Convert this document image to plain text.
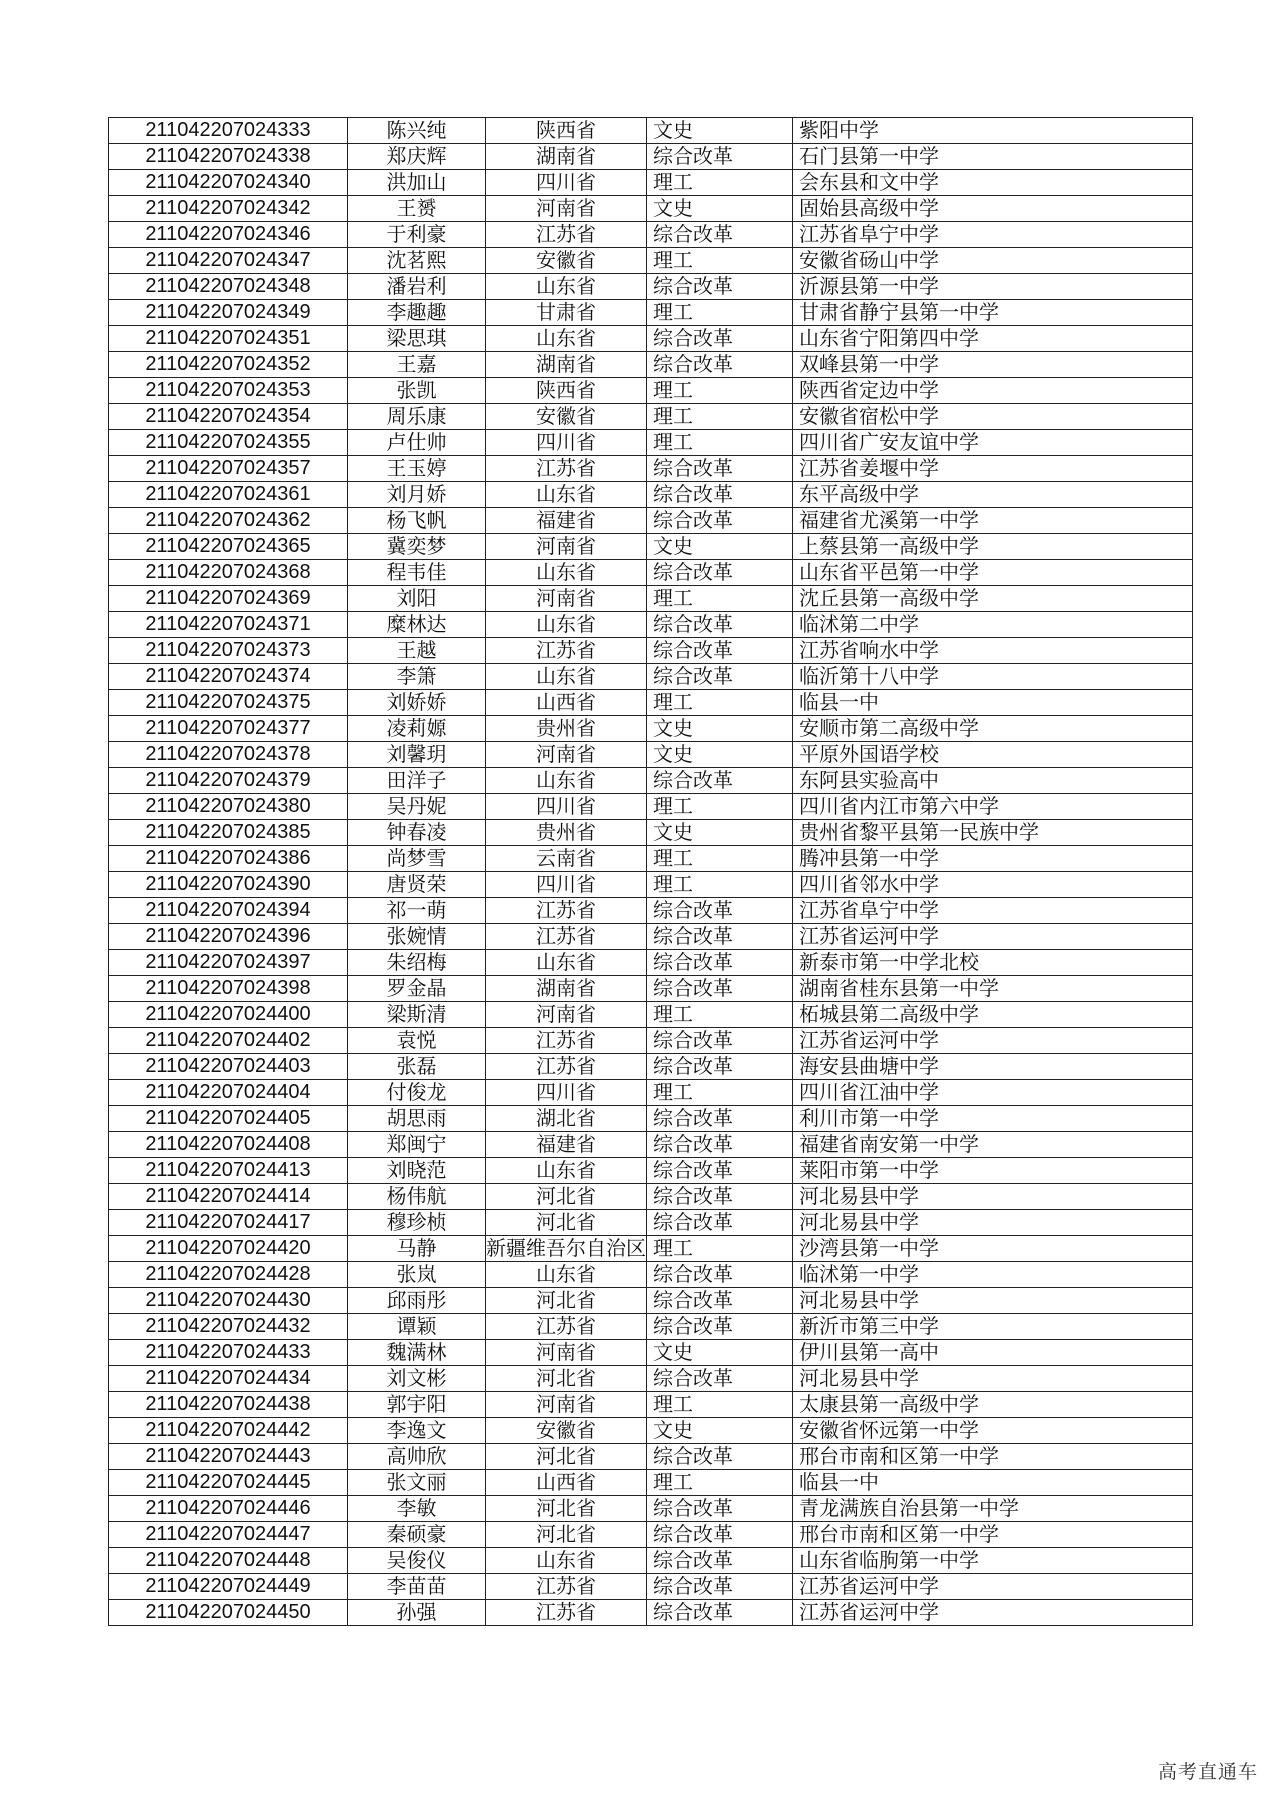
211042207024333	陈兴纯	陕西省	文史	紫阳中学
211042207024338	郑庆辉	湖南省	综合改革	石门县第一中学
211042207024340	洪加山	四川省	理工	会东县和文中学
211042207024342	王赟	河南省	文史	固始县高级中学
211042207024346	于利豪	江苏省	综合改革	江苏省阜宁中学
211042207024347	沈茗熙	安徽省	理工	安徽省砀山中学
211042207024348	潘岩利	山东省	综合改革	沂源县第一中学
211042207024349	李趣趣	甘肃省	理工	甘肃省静宁县第一中学
211042207024351	梁思琪	山东省	综合改革	山东省宁阳第四中学
211042207024352	王嘉	湖南省	综合改革	双峰县第一中学
211042207024353	张凯	陕西省	理工	陕西省定边中学
211042207024354	周乐康	安徽省	理工	安徽省宿松中学
211042207024355	卢仕帅	四川省	理工	四川省广安友谊中学
211042207024357	王玉婷	江苏省	综合改革	江苏省姜堰中学
211042207024361	刘月娇	山东省	综合改革	东平高级中学
211042207024362	杨飞帆	福建省	综合改革	福建省尤溪第一中学
211042207024365	冀奕梦	河南省	文史	上蔡县第一高级中学
211042207024368	程韦佳	山东省	综合改革	山东省平邑第一中学
211042207024369	刘阳	河南省	理工	沈丘县第一高级中学
211042207024371	糜林达	山东省	综合改革	临沭第二中学
211042207024373	王越	江苏省	综合改革	江苏省响水中学
211042207024374	李箫	山东省	综合改革	临沂第十八中学
211042207024375	刘娇娇	山西省	理工	临县一中
211042207024377	凌莉嫄	贵州省	文史	安顺市第二高级中学
211042207024378	刘馨玥	河南省	文史	平原外国语学校
211042207024379	田洋子	山东省	综合改革	东阿县实验高中
211042207024380	吴丹妮	四川省	理工	四川省内江市第六中学
211042207024385	钟春凌	贵州省	文史	贵州省黎平县第一民族中学
211042207024386	尚梦雪	云南省	理工	腾冲县第一中学
211042207024390	唐贤荣	四川省	理工	四川省邻水中学
211042207024394	祁一萌	江苏省	综合改革	江苏省阜宁中学
211042207024396	张婉情	江苏省	综合改革	江苏省运河中学
211042207024397	朱绍梅	山东省	综合改革	新泰市第一中学北校
211042207024398	罗金晶	湖南省	综合改革	湖南省桂东县第一中学
211042207024400	梁斯清	河南省	理工	柘城县第二高级中学
211042207024402	袁悦	江苏省	综合改革	江苏省运河中学
211042207024403	张磊	江苏省	综合改革	海安县曲塘中学
211042207024404	付俊龙	四川省	理工	四川省江油中学
211042207024405	胡思雨	湖北省	综合改革	利川市第一中学
211042207024408	郑闽宁	福建省	综合改革	福建省南安第一中学
211042207024413	刘晓范	山东省	综合改革	莱阳市第一中学
211042207024414	杨伟航	河北省	综合改革	河北易县中学
211042207024417	穆珍桢	河北省	综合改革	河北易县中学
211042207024420	马静	新疆维吾尔自治区	理工	沙湾县第一中学
211042207024428	张岚	山东省	综合改革	临沭第一中学
211042207024430	邱雨彤	河北省	综合改革	河北易县中学
211042207024432	谭颖	江苏省	综合改革	新沂市第三中学
211042207024433	魏满林	河南省	文史	伊川县第一高中
211042207024434	刘文彬	河北省	综合改革	河北易县中学
211042207024438	郭宇阳	河南省	理工	太康县第一高级中学
211042207024442	李逸文	安徽省	文史	安徽省怀远第一中学
211042207024443	高帅欣	河北省	综合改革	邢台市南和区第一中学
211042207024445	张文丽	山西省	理工	临县一中
211042207024446	李敏	河北省	综合改革	青龙满族自治县第一中学
211042207024447	秦硕豪	河北省	综合改革	邢台市南和区第一中学
211042207024448	吴俊仪	山东省	综合改革	山东省临朐第一中学
211042207024449	李苗苗	江苏省	综合改革	江苏省运河中学
211042207024450	孙强	江苏省	综合改革	江苏省运河中学
高考直通车
